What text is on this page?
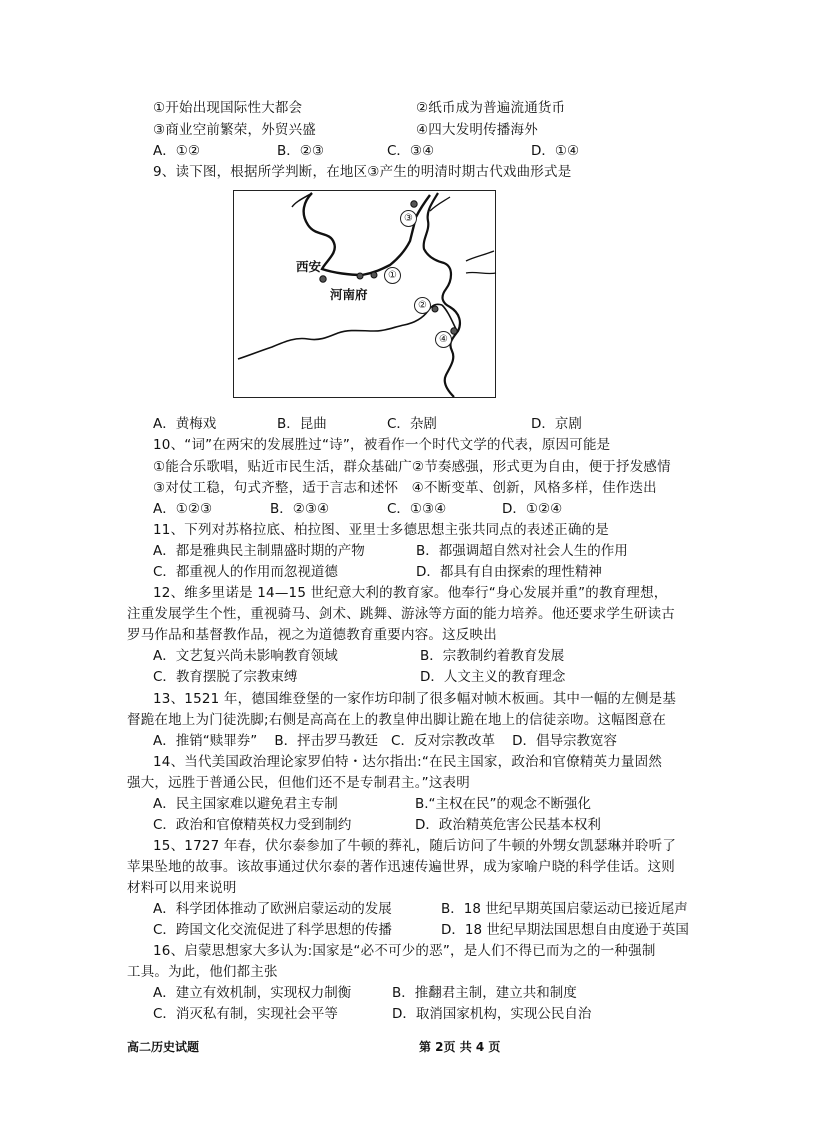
①开始出现国际性大都会	②纸币成为普遍流通货币
③商业空前繁荣，外贸兴盛	④四大发明传播海外
A．①②	B．②③	C．③④	D．①④
9、读下图，根据所学判断，在地区③产生的明清时期古代戏曲形式是
西安
河南府
①
③
②
④
A．黄梅戏	B．昆曲	C．杂剧	D．京剧
10、“词”在两宋的发展胜过“诗”，被看作一个时代文学的代表，原因可能是
①能合乐歌唱，贴近市民生活，群众基础广②节奏感强，形式更为自由，便于抒发感情
③对仗工稳，句式齐整，适于言志和述怀   ④不断变革、创新，风格多样，佳作迭出
A．①②③	B．②③④	C．①③④	D．①②④
11、下列对苏格拉底、柏拉图、亚里士多德思想主张共同点的表述正确的是
A．都是雅典民主制鼎盛时期的产物	B．都强调超自然对社会人生的作用
C．都重视人的作用而忽视道德	D．都具有自由探索的理性精神
12、维多里诺是 14—15 世纪意大利的教育家。他奉行“身心发展并重”的教育理想，
注重发展学生个性，重视骑马、剑术、跳舞、游泳等方面的能力培养。他还要求学生研读古
罗马作品和基督教作品，视之为道德教育重要内容。这反映出
A．文艺复兴尚未影响教育领域	B．宗教制约着教育发展
C．教育摆脱了宗教束缚	D．人文主义的教育理念
13、1521 年，德国维登堡的一家作坊印制了很多幅对帧木板画。其中一幅的左侧是基
督跪在地上为门徒洗脚;右侧是高高在上的教皇伸出脚让跪在地上的信徒亲吻。这幅图意在
A．推销“赎罪券”    B．抨击罗马教廷   C．反对宗教改革    D．倡导宗教宽容
14、当代美国政治理论家罗伯特・达尔指出:“在民主国家，政治和官僚精英力量固然
强大，远胜于普通公民，但他们还不是专制君主。”这表明
A．民主国家难以避免君主专制	B.“主权在民”的观念不断强化
C．政治和官僚精英权力受到制约	D．政治精英危害公民基本权利
15、1727 年春，伏尔泰参加了牛顿的葬礼，随后访问了牛顿的外甥女凯瑟琳并聆听了
苹果坠地的故事。该故事通过伏尔泰的著作迅速传遍世界，成为家喻户晓的科学佳话。这则
材料可以用来说明
A．科学团体推动了欧洲启蒙运动的发展	B．18 世纪早期英国启蒙运动已接近尾声
C．跨国文化交流促进了科学思想的传播	D．18 世纪早期法国思想自由度逊于英国
16、启蒙思想家大多认为:国家是“必不可少的恶”，是人们不得已而为之的一种强制
工具。为此，他们都主张
A．建立有效机制，实现权力制衡	B．推翻君主制，建立共和制度
C．消灭私有制，实现社会平等	D．取消国家机构，实现公民自治
高二历史试题	第 2页 共 4 页
